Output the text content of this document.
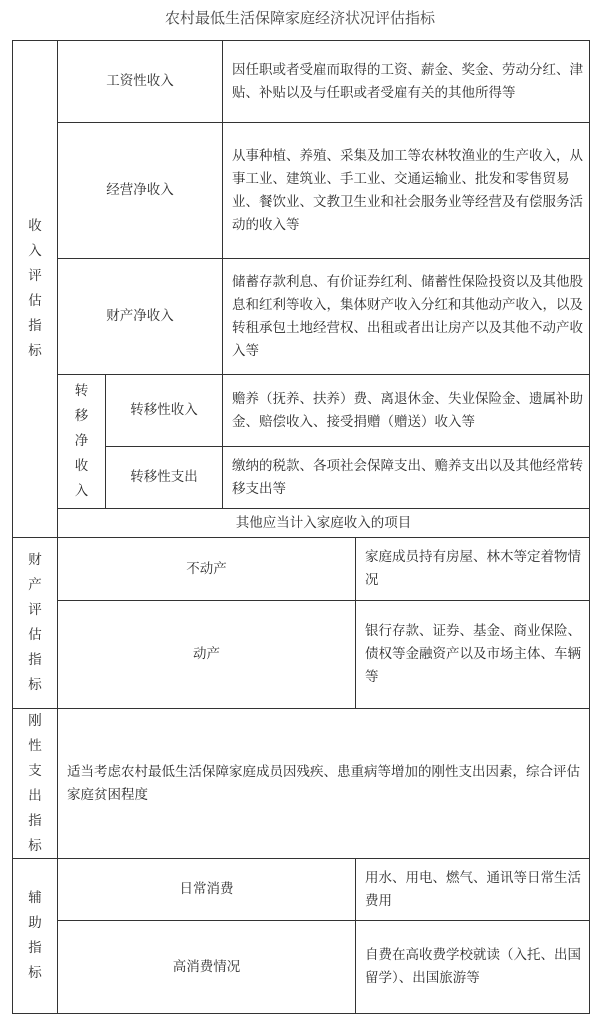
农村最低生活保障家庭经济状况评估指标
收
入
评
估
指
标
工资性收入
因任职或者受雇而取得的工资、薪金、奖金、劳动分红、津贴、补贴以及与任职或者受雇有关的其他所得等
经营净收入
从事种植、养殖、采集及加工等农林牧渔业的生产收入，从事工业、建筑业、手工业、交通运输业、批发和零售贸易业、餐饮业、文教卫生业和社会服务业等经营及有偿服务活动的收入等
财产净收入
储蓄存款利息、有价证券红利、储蓄性保险投资以及其他股息和红利等收入，集体财产收入分红和其他动产收入，以及转租承包土地经营权、出租或者出让房产以及其他不动产收入等
转
移
净
收
入
转移性收入
赡养（抚养、扶养）费、离退休金、失业保险金、遗属补助金、赔偿收入、接受捐赠（赠送）收入等
转移性支出
缴纳的税款、各项社会保障支出、赡养支出以及其他经常转移支出等
其他应当计入家庭收入的项目
财
产
评
估
指
标
不动产
家庭成员持有房屋、林木等定着物情况
动产
银行存款、证券、基金、商业保险、债权等金融资产以及市场主体、车辆等
刚
性
支
出
指
标
适当考虑农村最低生活保障家庭成员因残疾、患重病等增加的刚性支出因素，综合评估家庭贫困程度
辅
助
指
标
日常消费
用水、用电、燃气、通讯等日常生活费用
高消费情况
自费在高收费学校就读（入托、出国留学）、出国旅游等
